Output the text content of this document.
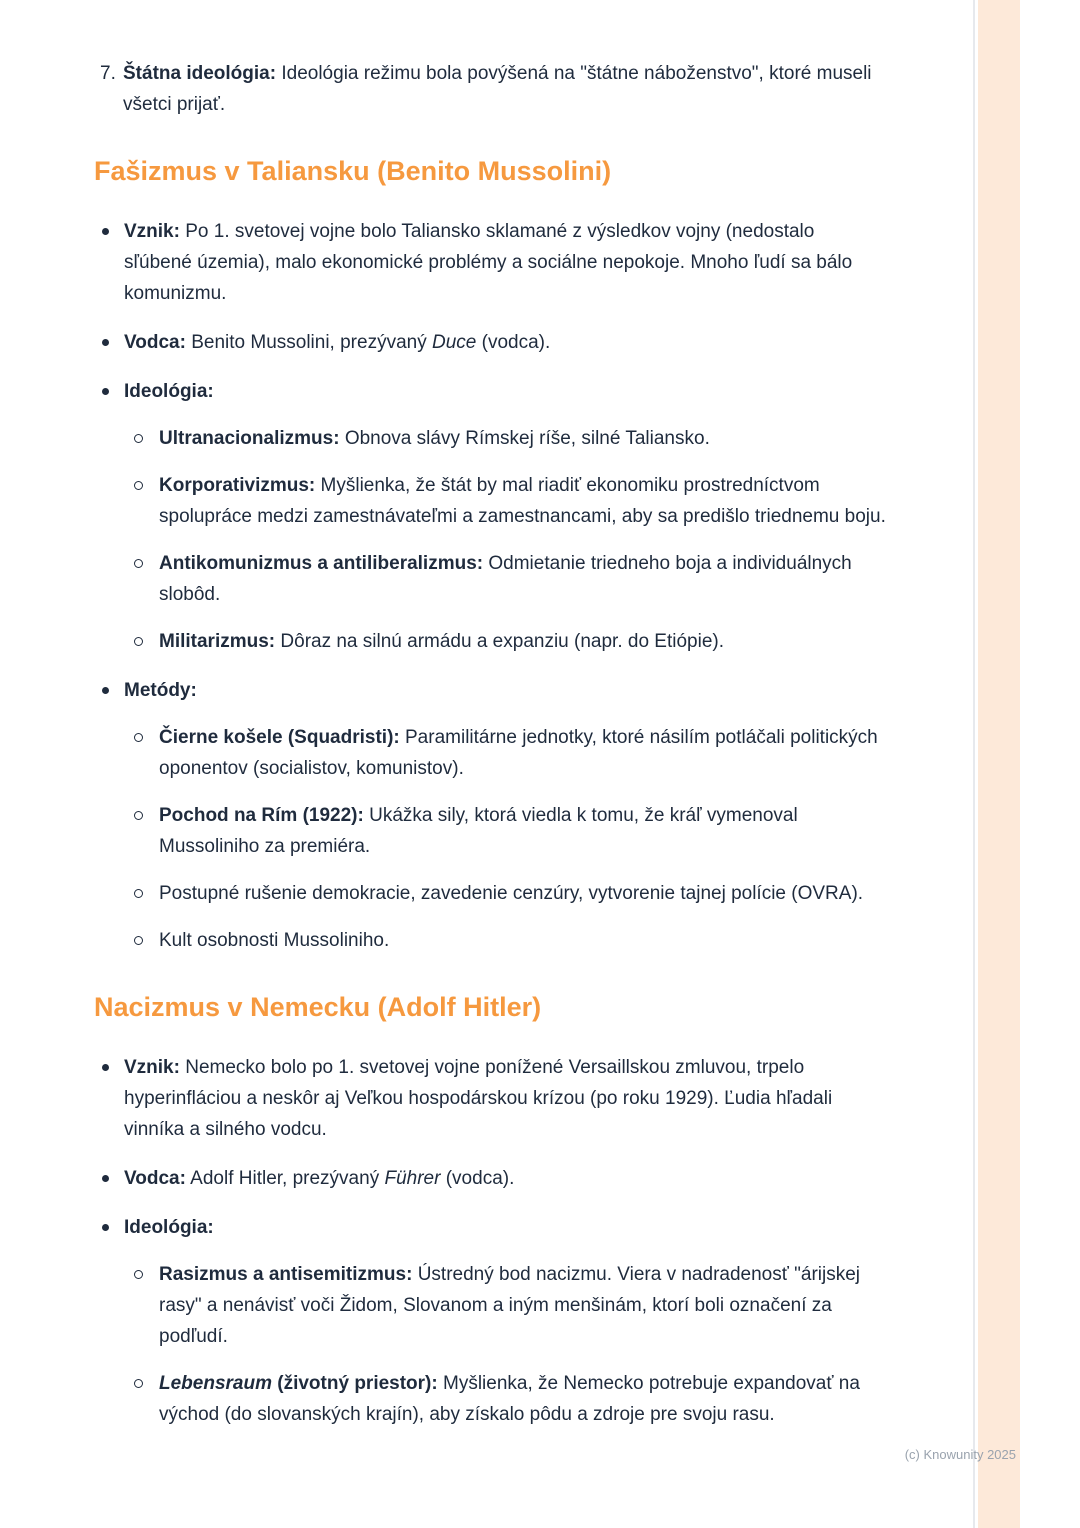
7. Štátna ideológia: Ideológia režimu bola povýšená na "štátne náboženstvo", ktoré museli všetci prijať.
Fašizmus v Taliansku (Benito Mussolini)
Vznik: Po 1. svetovej vojne bolo Taliansko sklamané z výsledkov vojny (nedostalo sľúbené územia), malo ekonomické problémy a sociálne nepokoje. Mnoho ľudí sa bálo komunizmu.
Vodca: Benito Mussolini, prezývaný Duce (vodca).
Ideológia:
Ultranacionalizmus: Obnova slávy Rímskej ríše, silné Taliansko.
Korporativizmus: Myšlienka, že štát by mal riadiť ekonomiku prostredníctvom spolupráce medzi zamestnávateľmi a zamestnancami, aby sa predišlo triednemu boju.
Antikomunizmus a antiliberalizmus: Odmietanie triedneho boja a individuálnych slobôd.
Militarizmus: Dôraz na silnú armádu a expanziu (napr. do Etiópie).
Metódy:
Čierne košele (Squadristi): Paramilitárne jednotky, ktoré násilím potláčali politických oponentov (socialistov, komunistov).
Pochod na Rím (1922): Ukážka sily, ktorá viedla k tomu, že kráľ vymenoval Mussoliniho za premiéra.
Postupné rušenie demokracie, zavedenie cenzúry, vytvorenie tajnej polície (OVRA).
Kult osobnosti Mussoliniho.
Nacizmus v Nemecku (Adolf Hitler)
Vznik: Nemecko bolo po 1. svetovej vojne ponížené Versaillskou zmluvou, trpelo hyperinfláciou a neskôr aj Veľkou hospodárskou krízou (po roku 1929). Ľudia hľadali vinníka a silného vodcu.
Vodca: Adolf Hitler, prezývaný Führer (vodca).
Ideológia:
Rasizmus a antisemitizmus: Ústredný bod nacizmu. Viera v nadradenosť "árijskej rasy" a nenávisť voči Židom, Slovanom a iným menšinám, ktorí boli označení za podľudí.
Lebensraum (životný priestor): Myšlienka, že Nemecko potrebuje expandovať na východ (do slovanských krajín), aby získalo pôdu a zdroje pre svoju rasu.
(c) Knowunity 2025
